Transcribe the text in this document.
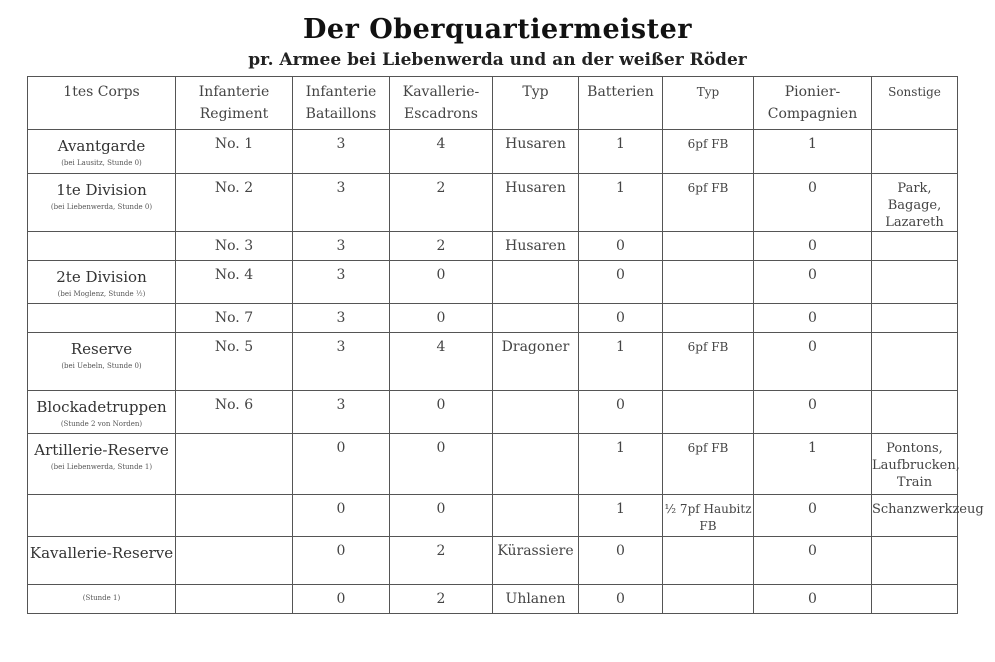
Der Oberquartiermeister
pr. Armee bei Liebenwerda und an der weißer Röder
1tes Corps	Infanterie Regiment	Infanterie Bataillons	Kavallerie-Escadrons	Typ	Batterien	Typ	Pionier-Compagnien	Sonstige

Avantgarde
(bei Lausitz, Stunde 0)	No. 1	3	4	Husaren	1	6pf FB	1	

1te Division
(bei Liebenwerda, Stunde 0)	No. 2	3	2	Husaren	1	6pf FB	0	Park, Bagage, Lazareth

	No. 3	3	2	Husaren	0		0	

2te Division
(bei Moglenz, Stunde ½)	No. 4	3	0		0		0	

	No. 7	3	0		0		0	

Reserve
(bei Uebeln, Stunde 0)	No. 5	3	4	Dragoner	1	6pf FB	0	

Blockadetruppen
(Stunde 2 von Norden)	No. 6	3	0		0		0	

Artillerie-Reserve
(bei Liebenwerda, Stunde 1)		0	0		1	6pf FB	1	Pontons, Laufbrucken, Train

		0	0		1	½ 7pf Haubitz FB	0	Schanzwerkzeug

Kavallerie-Reserve		0	2	Kürassiere	0		0	

(Stunde 1)		0	2	Uhlanen	0		0	
